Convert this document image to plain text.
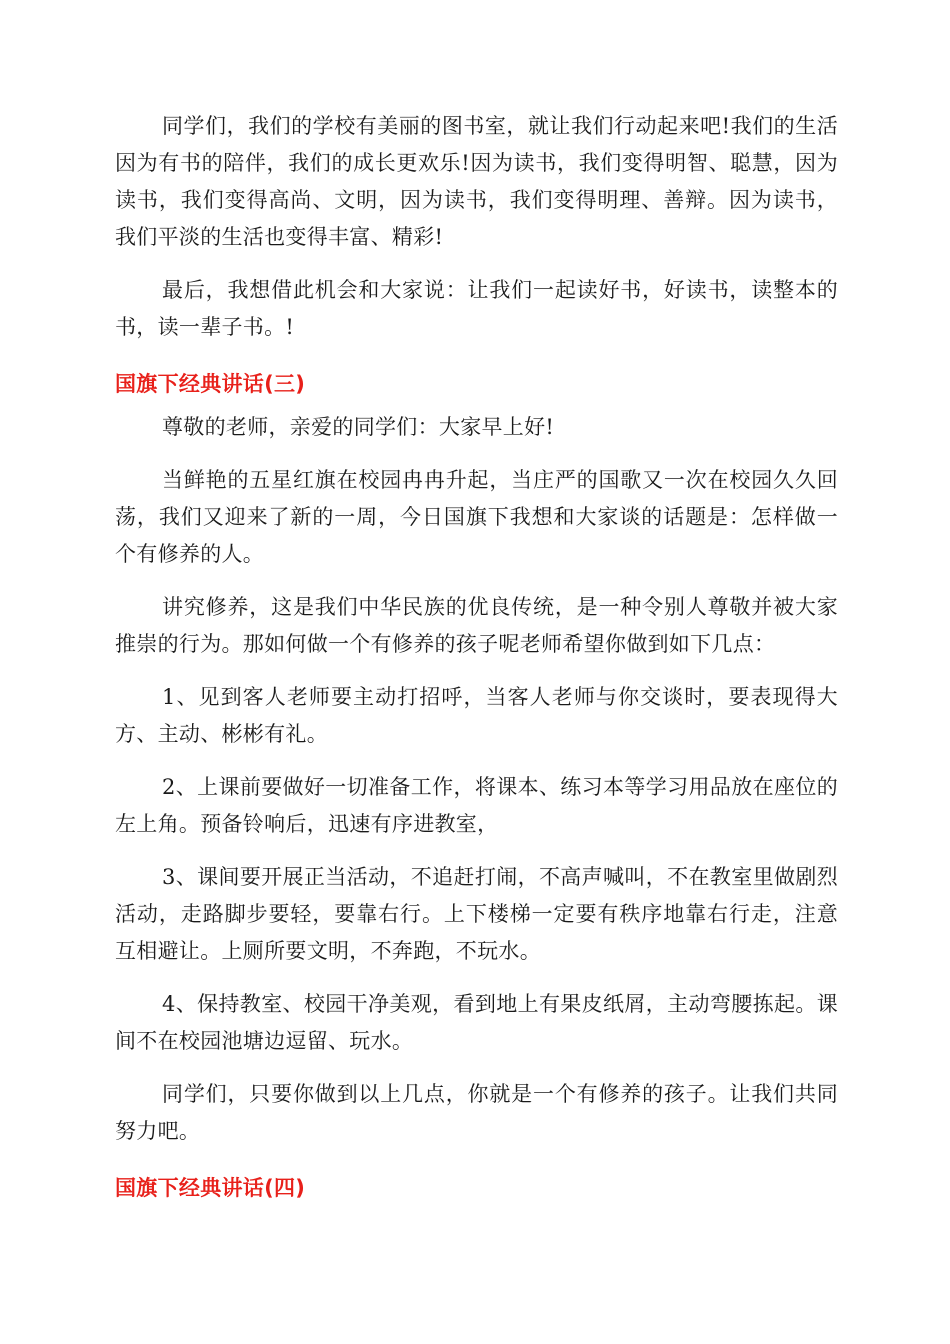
同学们，我们的学校有美丽的图书室，就让我们行动起来吧!我们的生活因为有书的陪伴，我们的成长更欢乐!因为读书，我们变得明智、聪慧，因为读书，我们变得高尚、文明，因为读书，我们变得明理、善辩。因为读书，我们平淡的生活也变得丰富、精彩!

最后，我想借此机会和大家说：让我们一起读好书，好读书，读整本的书，读一辈子书。!

国旗下经典讲话(三)

尊敬的老师，亲爱的同学们：大家早上好!

当鲜艳的五星红旗在校园冉冉升起，当庄严的国歌又一次在校园久久回荡，我们又迎来了新的一周，今日国旗下我想和大家谈的话题是：怎样做一个有修养的人。

讲究修养，这是我们中华民族的优良传统，是一种令别人尊敬并被大家推崇的行为。那如何做一个有修养的孩子呢老师希望你做到如下几点：

1、见到客人老师要主动打招呼，当客人老师与你交谈时，要表现得大方、主动、彬彬有礼。

2、上课前要做好一切准备工作，将课本、练习本等学习用品放在座位的左上角。预备铃响后，迅速有序进教室，

3、课间要开展正当活动，不追赶打闹，不高声喊叫，不在教室里做剧烈活动，走路脚步要轻，要靠右行。上下楼梯一定要有秩序地靠右行走，注意互相避让。上厕所要文明，不奔跑，不玩水。

4、保持教室、校园干净美观，看到地上有果皮纸屑，主动弯腰拣起。课间不在校园池塘边逗留、玩水。

同学们，只要你做到以上几点，你就是一个有修养的孩子。让我们共同努力吧。

国旗下经典讲话(四)
